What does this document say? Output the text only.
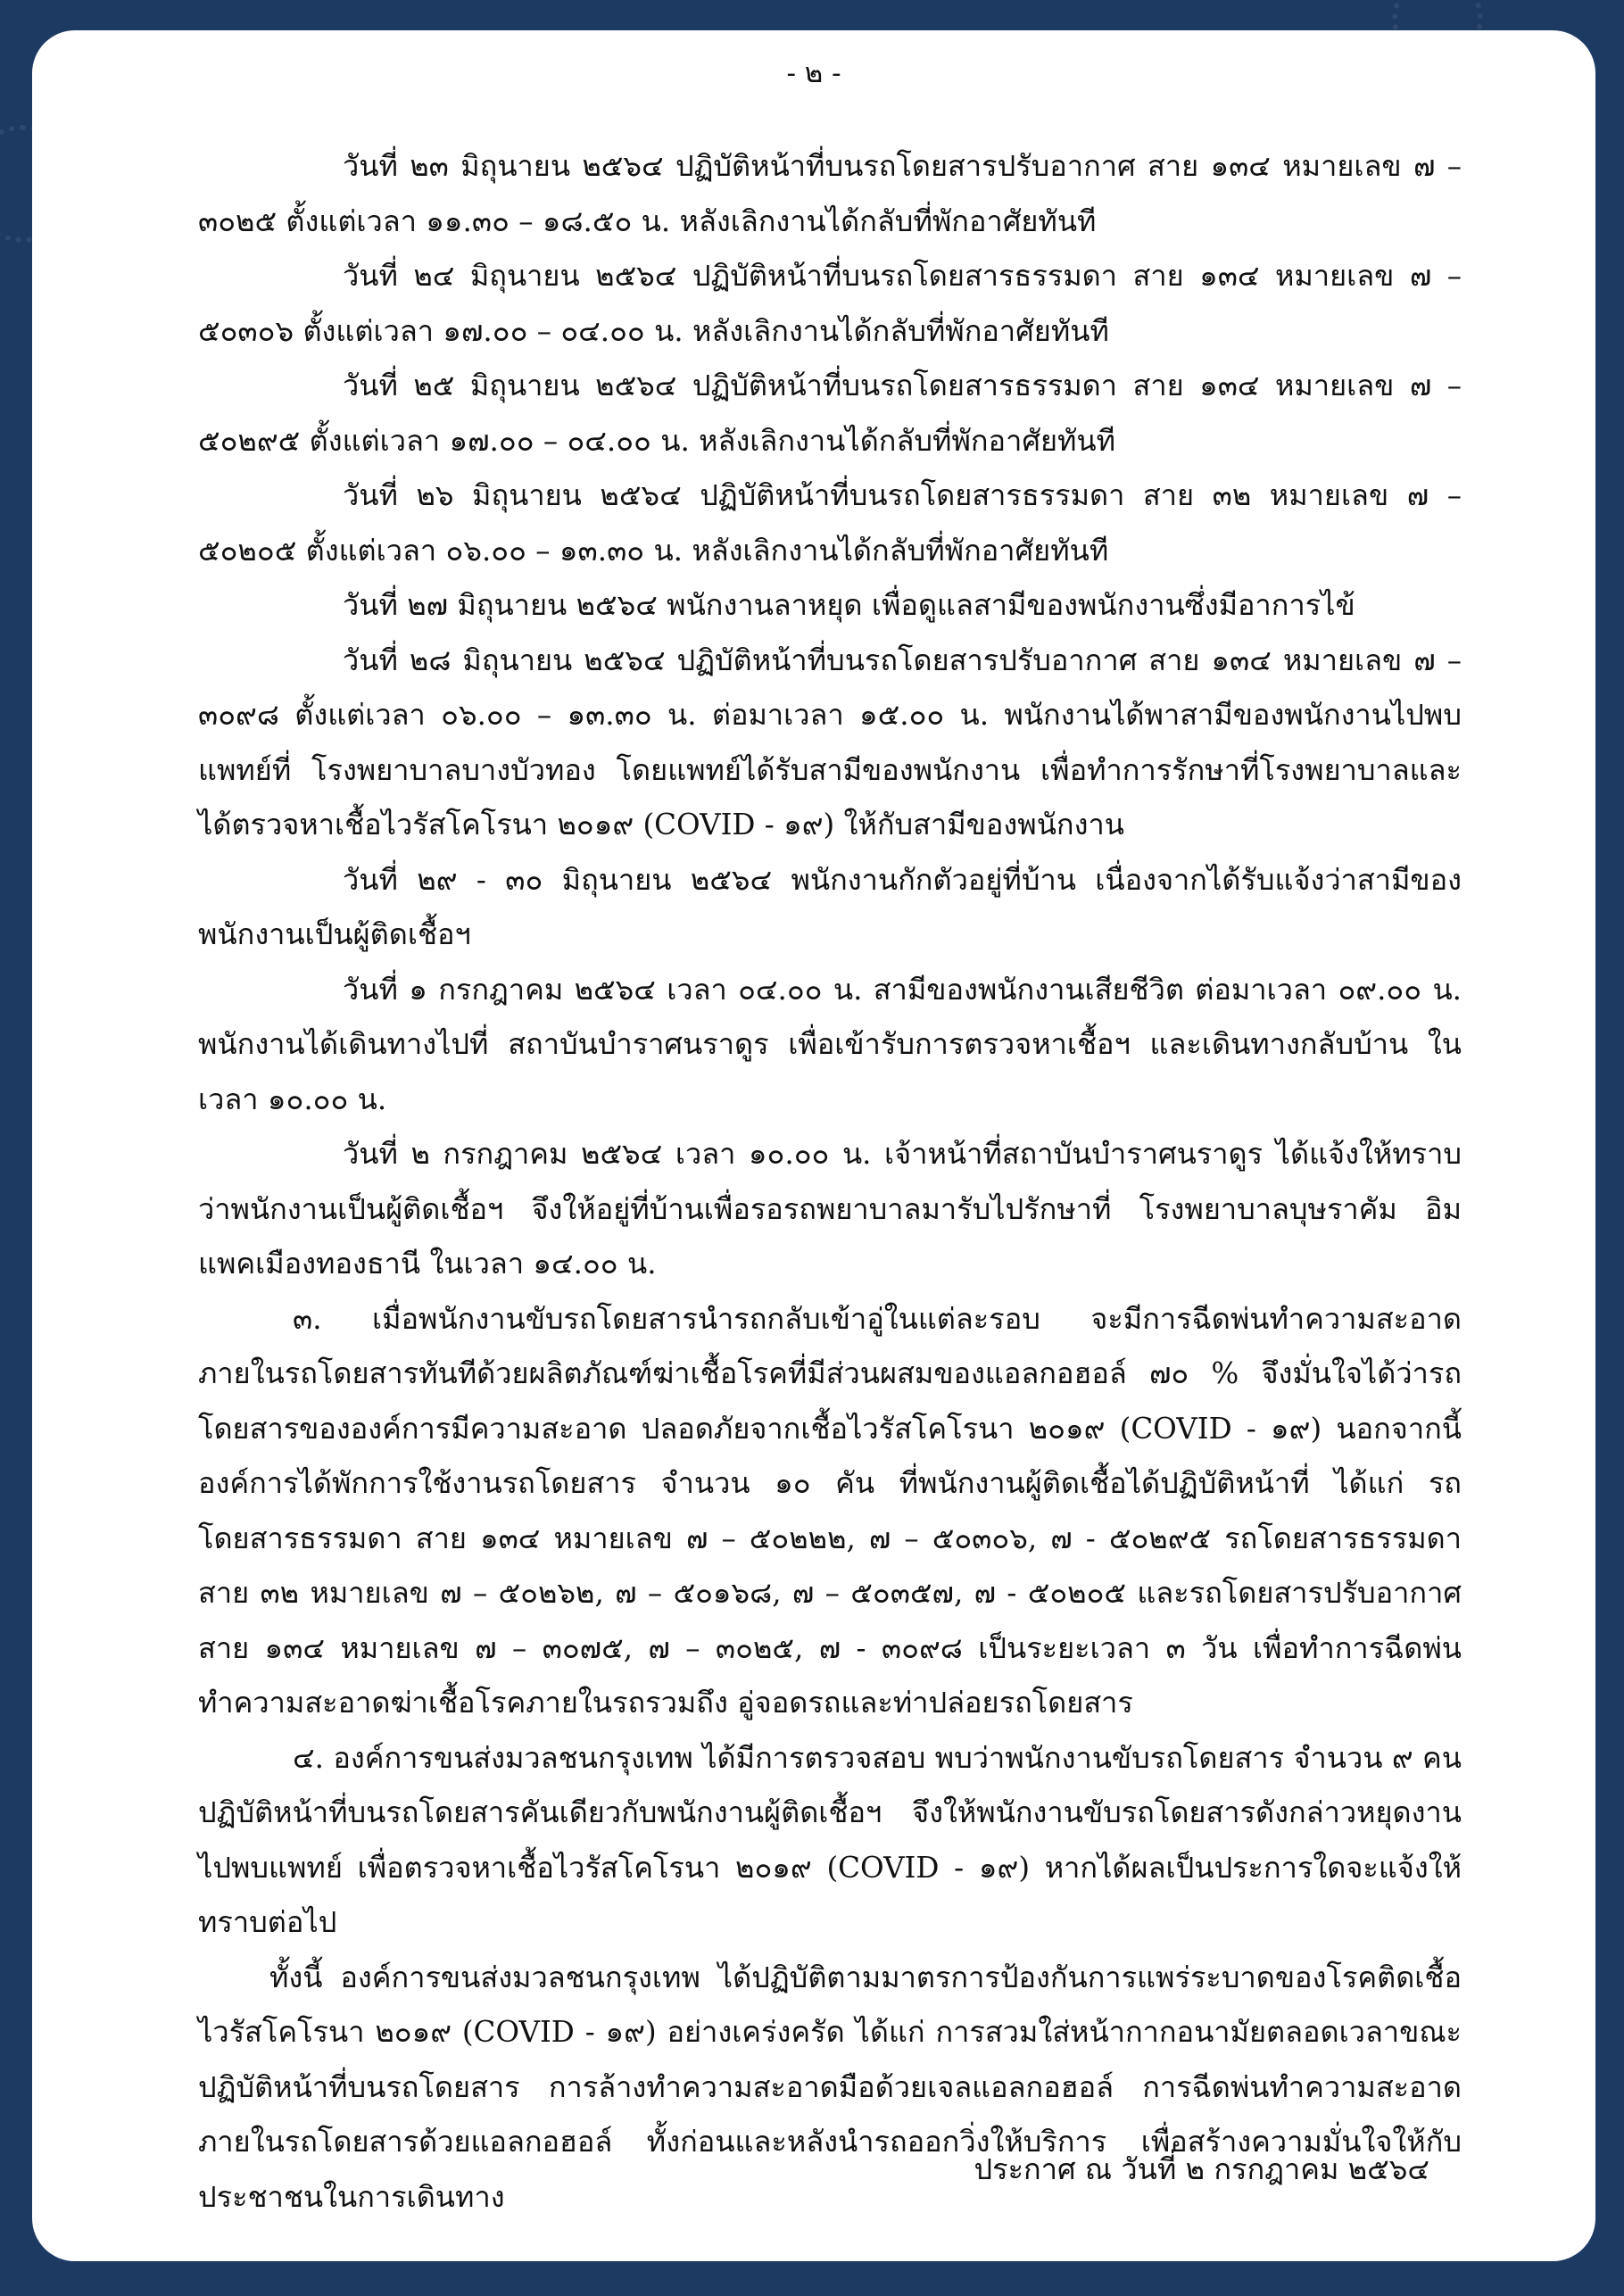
- ๒ -

วันที่ ๒๓ มิถุนายน ๒๕๖๔ ปฏิบัติหน้าที่บนรถโดยสารปรับอากาศ สาย ๑๓๔ หมายเลข ๗ – ๓๐๒๕ ตั้งแต่เวลา ๑๑.๓๐ – ๑๘.๕๐ น. หลังเลิกงานได้กลับที่พักอาศัยทันที

วันที่ ๒๔ มิถุนายน ๒๕๖๔ ปฏิบัติหน้าที่บนรถโดยสารธรรมดา สาย ๑๓๔ หมายเลข ๗ – ๕๐๓๐๖ ตั้งแต่เวลา ๑๗.๐๐ – ๐๔.๐๐ น. หลังเลิกงานได้กลับที่พักอาศัยทันที

วันที่ ๒๕ มิถุนายน ๒๕๖๔ ปฏิบัติหน้าที่บนรถโดยสารธรรมดา สาย ๑๓๔ หมายเลข ๗ – ๕๐๒๙๕ ตั้งแต่เวลา ๑๗.๐๐ – ๐๔.๐๐ น. หลังเลิกงานได้กลับที่พักอาศัยทันที

วันที่ ๒๖ มิถุนายน ๒๕๖๔ ปฏิบัติหน้าที่บนรถโดยสารธรรมดา สาย ๓๒ หมายเลข ๗ – ๕๐๒๐๕ ตั้งแต่เวลา ๐๖.๐๐ – ๑๓.๓๐ น. หลังเลิกงานได้กลับที่พักอาศัยทันที

วันที่ ๒๗ มิถุนายน ๒๕๖๔ พนักงานลาหยุด เพื่อดูแลสามีของพนักงานซึ่งมีอาการไข้

วันที่ ๒๘ มิถุนายน ๒๕๖๔ ปฏิบัติหน้าที่บนรถโดยสารปรับอากาศ สาย ๑๓๔ หมายเลข ๗ – ๓๐๙๘ ตั้งแต่เวลา ๐๖.๐๐ – ๑๓.๓๐ น. ต่อมาเวลา ๑๕.๐๐ น. พนักงานได้พาสามีของพนักงานไปพบแพทย์ที่ โรงพยาบาลบางบัวทอง โดยแพทย์ได้รับสามีของพนักงาน เพื่อทำการรักษาที่โรงพยาบาลและได้ตรวจหาเชื้อไวรัสโคโรนา ๒๐๑๙ (COVID - ๑๙) ให้กับสามีของพนักงาน

วันที่ ๒๙ - ๓๐ มิถุนายน ๒๕๖๔ พนักงานกักตัวอยู่ที่บ้าน เนื่องจากได้รับแจ้งว่าสามีของพนักงานเป็นผู้ติดเชื้อฯ

วันที่ ๑ กรกฎาคม ๒๕๖๔ เวลา ๐๔.๐๐ น. สามีของพนักงานเสียชีวิต ต่อมาเวลา ๐๙.๐๐ น. พนักงานได้เดินทางไปที่ สถาบันบำราศนราดูร เพื่อเข้ารับการตรวจหาเชื้อฯ และเดินทางกลับบ้าน ในเวลา ๑๐.๐๐ น.

วันที่ ๒ กรกฎาคม ๒๕๖๔ เวลา ๑๐.๐๐ น. เจ้าหน้าที่สถาบันบำราศนราดูร ได้แจ้งให้ทราบว่าพนักงานเป็นผู้ติดเชื้อฯ จึงให้อยู่ที่บ้านเพื่อรอรถพยาบาลมารับไปรักษาที่ โรงพยาบาลบุษราคัม อิมแพคเมืองทองธานี ในเวลา ๑๔.๐๐ น.

๓. เมื่อพนักงานขับรถโดยสารนำรถกลับเข้าอู่ในแต่ละรอบ จะมีการฉีดพ่นทำความสะอาดภายในรถโดยสารทันทีด้วยผลิตภัณฑ์ฆ่าเชื้อโรคที่มีส่วนผสมของแอลกอฮอล์ ๗๐ % จึงมั่นใจได้ว่ารถโดยสารขององค์การมีความสะอาด ปลอดภัยจากเชื้อไวรัสโคโรนา ๒๐๑๙ (COVID - ๑๙) นอกจากนี้ องค์การได้พักการใช้งานรถโดยสาร จำนวน ๑๐ คัน ที่พนักงานผู้ติดเชื้อได้ปฏิบัติหน้าที่ ได้แก่ รถโดยสารธรรมดา สาย ๑๓๔ หมายเลข ๗ – ๕๐๒๒๒, ๗ – ๕๐๓๐๖, ๗ - ๕๐๒๙๕ รถโดยสารธรรมดา สาย ๓๒ หมายเลข ๗ – ๕๐๒๖๒, ๗ – ๕๐๑๖๘, ๗ – ๕๐๓๕๗, ๗ - ๕๐๒๐๕ และรถโดยสารปรับอากาศ สาย ๑๓๔ หมายเลข ๗ – ๓๐๗๕, ๗ – ๓๐๒๕, ๗ - ๓๐๙๘ เป็นระยะเวลา ๓ วัน เพื่อทำการฉีดพ่นทำความสะอาดฆ่าเชื้อโรคภายในรถรวมถึง อู่จอดรถและท่าปล่อยรถโดยสาร

๔. องค์การขนส่งมวลชนกรุงเทพ ได้มีการตรวจสอบ พบว่าพนักงานขับรถโดยสาร จำนวน ๙ คน ปฏิบัติหน้าที่บนรถโดยสารคันเดียวกับพนักงานผู้ติดเชื้อฯ จึงให้พนักงานขับรถโดยสารดังกล่าวหยุดงานไปพบแพทย์ เพื่อตรวจหาเชื้อไวรัสโคโรนา ๒๐๑๙ (COVID - ๑๙) หากได้ผลเป็นประการใดจะแจ้งให้ทราบต่อไป

ทั้งนี้ องค์การขนส่งมวลชนกรุงเทพ ได้ปฏิบัติตามมาตรการป้องกันการแพร่ระบาดของโรคติดเชื้อไวรัสโคโรนา ๒๐๑๙ (COVID - ๑๙) อย่างเคร่งครัด ได้แก่ การสวมใส่หน้ากากอนามัยตลอดเวลาขณะปฏิบัติหน้าที่บนรถโดยสาร การล้างทำความสะอาดมือด้วยเจลแอลกอฮอล์ การฉีดพ่นทำความสะอาดภายในรถโดยสารด้วยแอลกอฮอล์ ทั้งก่อนและหลังนำรถออกวิ่งให้บริการ เพื่อสร้างความมั่นใจให้กับประชาชนในการเดินทาง

ประกาศ ณ วันที่ ๒ กรกฎาคม ๒๕๖๔
